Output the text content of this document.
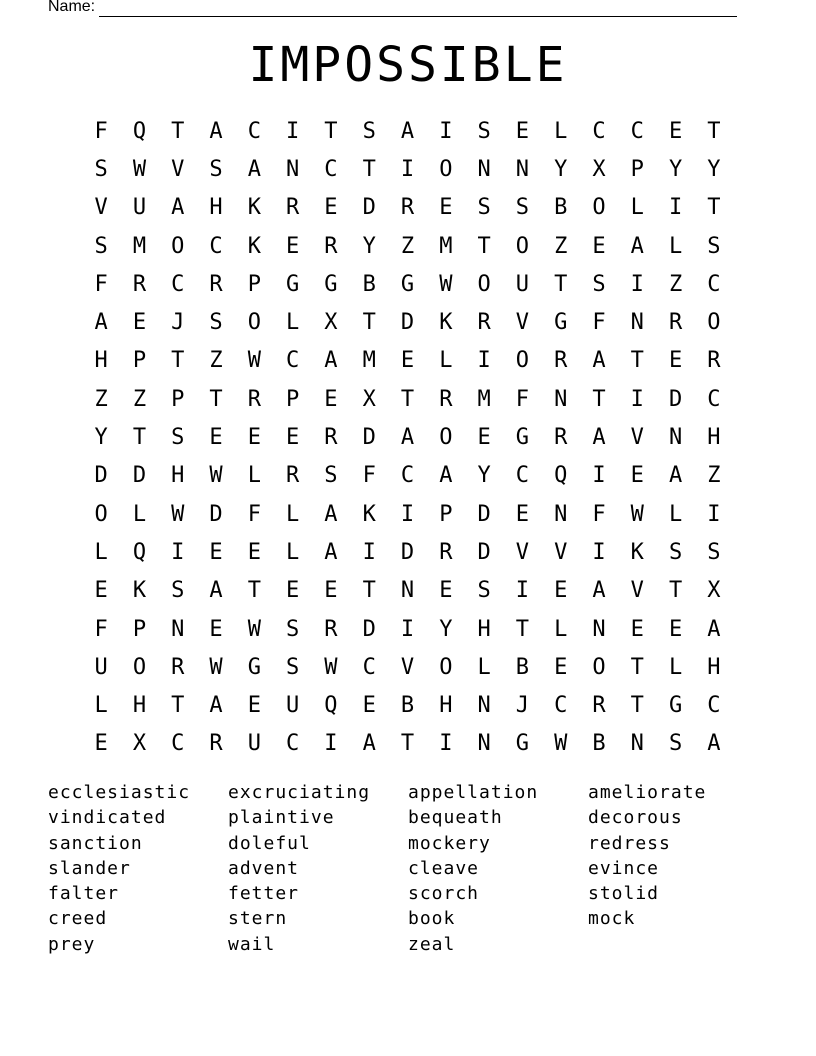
Name:
IMPOSSIBLE
F	Q	T	A	C	I	T	S	A	I	S	E	L	C	C	E	T
S	W	V	S	A	N	C	T	I	O	N	N	Y	X	P	Y	Y
V	U	A	H	K	R	E	D	R	E	S	S	B	O	L	I	T
S	M	O	C	K	E	R	Y	Z	M	T	O	Z	E	A	L	S
F	R	C	R	P	G	G	B	G	W	O	U	T	S	I	Z	C
A	E	J	S	O	L	X	T	D	K	R	V	G	F	N	R	O
H	P	T	Z	W	C	A	M	E	L	I	O	R	A	T	E	R
Z	Z	P	T	R	P	E	X	T	R	M	F	N	T	I	D	C
Y	T	S	E	E	E	R	D	A	O	E	G	R	A	V	N	H
D	D	H	W	L	R	S	F	C	A	Y	C	Q	I	E	A	Z
O	L	W	D	F	L	A	K	I	P	D	E	N	F	W	L	I
L	Q	I	E	E	L	A	I	D	R	D	V	V	I	K	S	S
E	K	S	A	T	E	E	T	N	E	S	I	E	A	V	T	X
F	P	N	E	W	S	R	D	I	Y	H	T	L	N	E	E	A
U	O	R	W	G	S	W	C	V	O	L	B	E	O	T	L	H
L	H	T	A	E	U	Q	E	B	H	N	J	C	R	T	G	C
E	X	C	R	U	C	I	A	T	I	N	G	W	B	N	S	A
ecclesiastic	excruciating	appellation	ameliorate
vindicated	plaintive	bequeath	decorous
sanction	doleful	mockery	redress
slander	advent	cleave	evince
falter	fetter	scorch	stolid
creed	stern	book	mock
prey	wail	zeal
